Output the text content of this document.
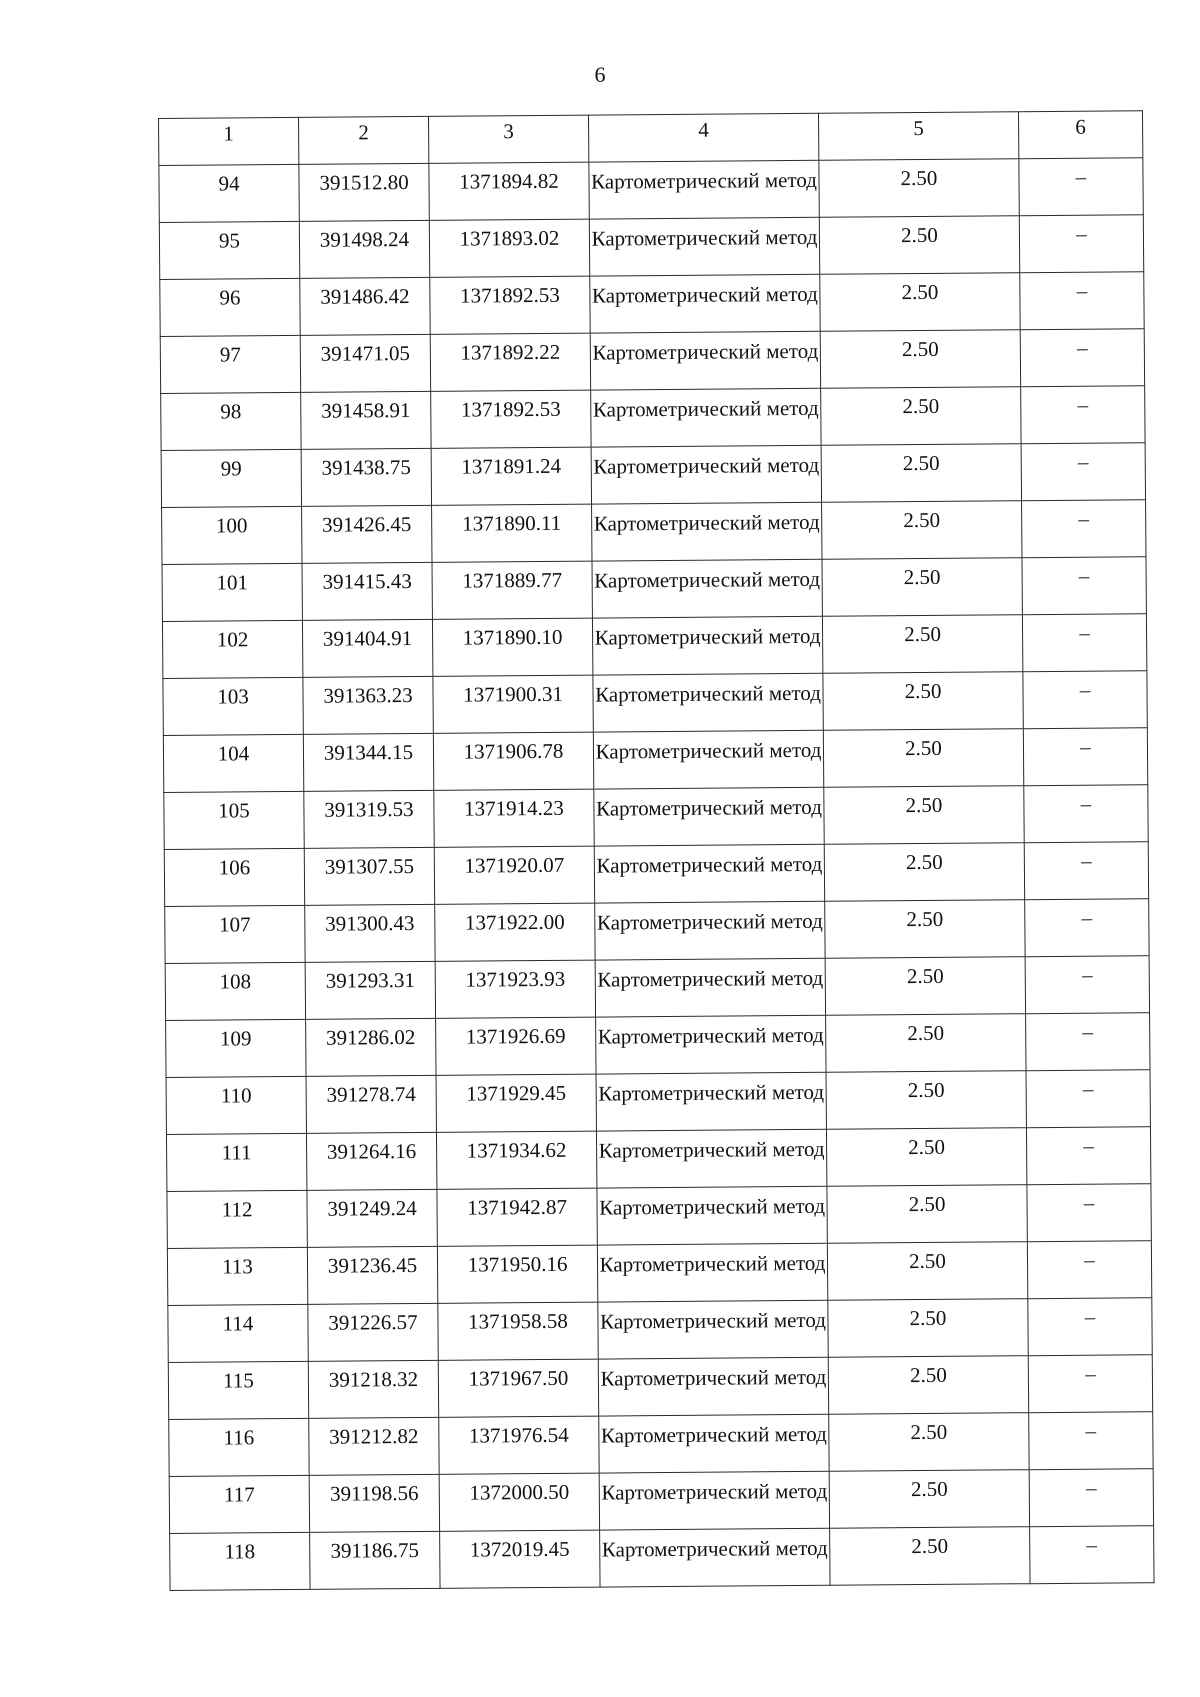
6
1	2	3	4	5	6
94	391512.80	1371894.82	Картометрический метод	2.50	–
95	391498.24	1371893.02	Картометрический метод	2.50	–
96	391486.42	1371892.53	Картометрический метод	2.50	–
97	391471.05	1371892.22	Картометрический метод	2.50	–
98	391458.91	1371892.53	Картометрический метод	2.50	–
99	391438.75	1371891.24	Картометрический метод	2.50	–
100	391426.45	1371890.11	Картометрический метод	2.50	–
101	391415.43	1371889.77	Картометрический метод	2.50	–
102	391404.91	1371890.10	Картометрический метод	2.50	–
103	391363.23	1371900.31	Картометрический метод	2.50	–
104	391344.15	1371906.78	Картометрический метод	2.50	–
105	391319.53	1371914.23	Картометрический метод	2.50	–
106	391307.55	1371920.07	Картометрический метод	2.50	–
107	391300.43	1371922.00	Картометрический метод	2.50	–
108	391293.31	1371923.93	Картометрический метод	2.50	–
109	391286.02	1371926.69	Картометрический метод	2.50	–
110	391278.74	1371929.45	Картометрический метод	2.50	–
111	391264.16	1371934.62	Картометрический метод	2.50	–
112	391249.24	1371942.87	Картометрический метод	2.50	–
113	391236.45	1371950.16	Картометрический метод	2.50	–
114	391226.57	1371958.58	Картометрический метод	2.50	–
115	391218.32	1371967.50	Картометрический метод	2.50	–
116	391212.82	1371976.54	Картометрический метод	2.50	–
117	391198.56	1372000.50	Картометрический метод	2.50	–
118	391186.75	1372019.45	Картометрический метод	2.50	–
